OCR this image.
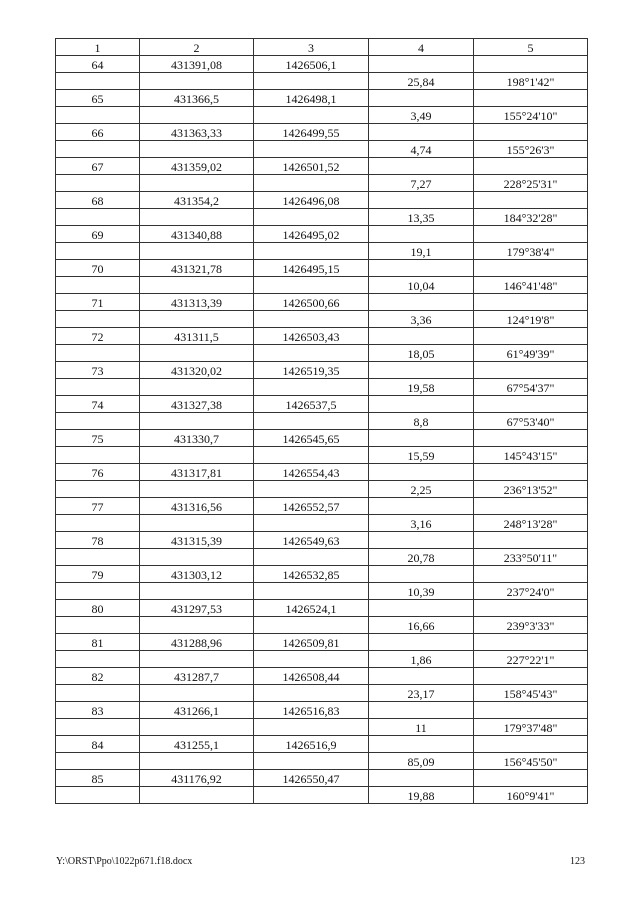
1	2	3	4	5
64	431391,08	1426506,1		
			25,84	198°1'42"
65	431366,5	1426498,1		
			3,49	155°24'10"
66	431363,33	1426499,55		
			4,74	155°26'3"
67	431359,02	1426501,52		
			7,27	228°25'31"
68	431354,2	1426496,08		
			13,35	184°32'28"
69	431340,88	1426495,02		
			19,1	179°38'4"
70	431321,78	1426495,15		
			10,04	146°41'48"
71	431313,39	1426500,66		
			3,36	124°19'8"
72	431311,5	1426503,43		
			18,05	61°49'39"
73	431320,02	1426519,35		
			19,58	67°54'37"
74	431327,38	1426537,5		
			8,8	67°53'40"
75	431330,7	1426545,65		
			15,59	145°43'15"
76	431317,81	1426554,43		
			2,25	236°13'52"
77	431316,56	1426552,57		
			3,16	248°13'28"
78	431315,39	1426549,63		
			20,78	233°50'11"
79	431303,12	1426532,85		
			10,39	237°24'0"
80	431297,53	1426524,1		
			16,66	239°3'33"
81	431288,96	1426509,81		
			1,86	227°22'1"
82	431287,7	1426508,44		
			23,17	158°45'43"
83	431266,1	1426516,83		
			11	179°37'48"
84	431255,1	1426516,9		
			85,09	156°45'50"
85	431176,92	1426550,47		
			19,88	160°9'41"
Y:\ORST\Ppo\1022p671.f18.docx	123
